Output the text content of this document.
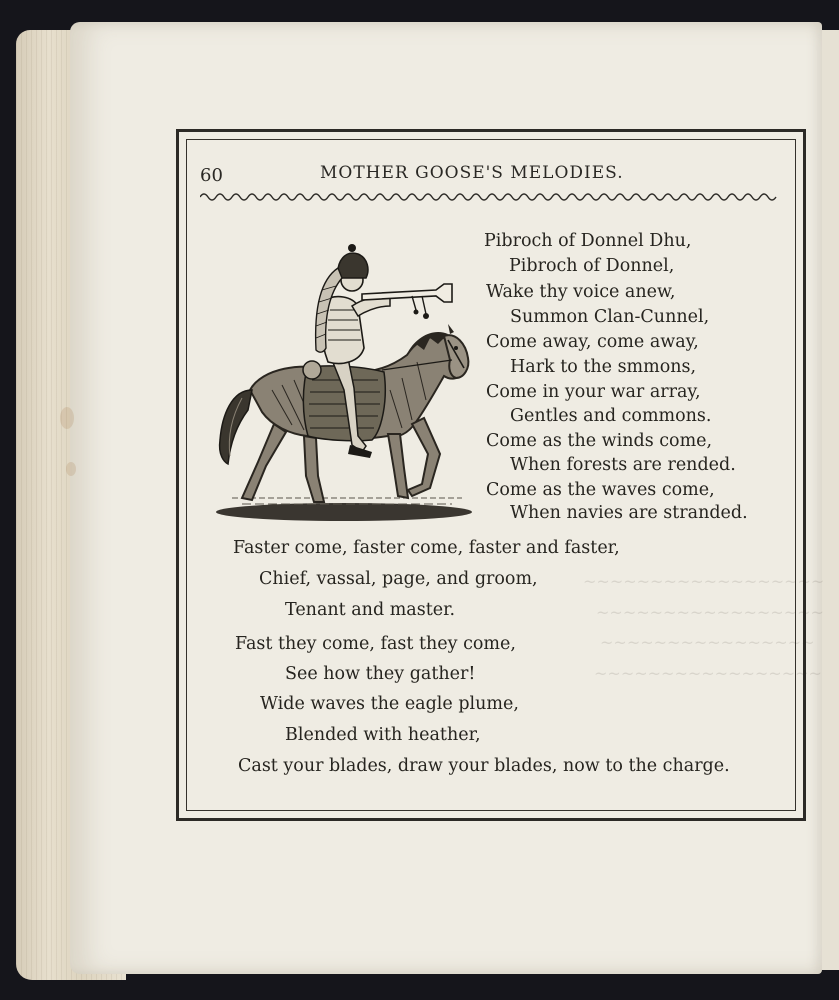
~~~~~~~~~~~~~~~~~~
~~~~~~~~~~~~~~~~~
~~~~~~~~~~~~~~~~
~~~~~~~~~~~~~~~~~
60	MOTHER GOOSE'S MELODIES.
Pibroch of Donnel Dhu,
Pibroch of Donnel,
Wake thy voice anew,
Summon Clan-Cunnel,
Come away, come away,
Hark to the smmons,
Come in your war array,
Gentles and commons.
Come as the winds come,
When forests are rended.
Come as the waves come,
When navies are stranded.
Faster come, faster come, faster and faster,
Chief, vassal, page, and groom,
Tenant and master.
Fast they come, fast they come,
See how they gather!
Wide waves the eagle plume,
Blended with heather,
Cast your blades, draw your blades, now to the charge.
